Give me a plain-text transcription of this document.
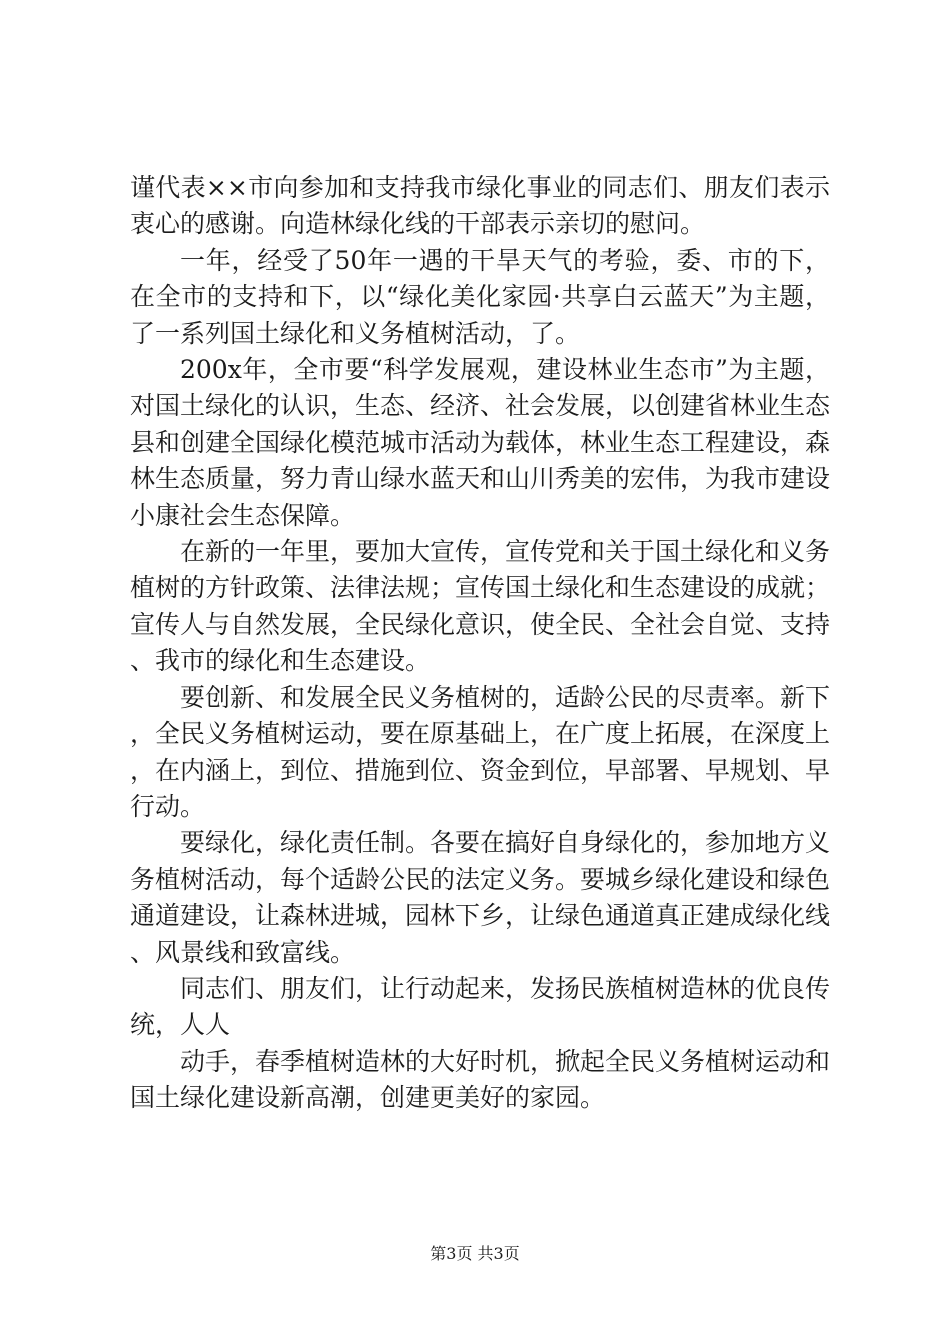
谨代表××市向参加和支持我市绿化事业的同志们、朋友们表示衷心的感谢。向造林绿化线的干部表示亲切的慰问。

一年，经受了50年一遇的干旱天气的考验，委、市的下，在全市的支持和下，以“绿化美化家园·共享白云蓝天”为主题，了一系列国土绿化和义务植树活动，了。

200x年，全市要“科学发展观，建设林业生态市”为主题，对国土绿化的认识，生态、经济、社会发展，以创建省林业生态县和创建全国绿化模范城市活动为载体，林业生态工程建设，森林生态质量，努力青山绿水蓝天和山川秀美的宏伟，为我市建设小康社会生态保障。

在新的一年里，要加大宣传，宣传党和关于国土绿化和义务植树的方针政策、法律法规；宣传国土绿化和生态建设的成就；宣传人与自然发展，全民绿化意识，使全民、全社会自觉、支持、我市的绿化和生态建设。

要创新、和发展全民义务植树的，适龄公民的尽责率。新下，全民义务植树运动，要在原基础上，在广度上拓展，在深度上，在内涵上，到位、措施到位、资金到位，早部署、早规划、早行动。

要绿化，绿化责任制。各要在搞好自身绿化的，参加地方义务植树活动，每个适龄公民的法定义务。要城乡绿化建设和绿色通道建设，让森林进城，园林下乡，让绿色通道真正建成绿化线、风景线和致富线。

同志们、朋友们，让行动起来，发扬民族植树造林的优良传统，人人

动手，春季植树造林的大好时机，掀起全民义务植树运动和国土绿化建设新高潮，创建更美好的家园。

第3页 共3页
